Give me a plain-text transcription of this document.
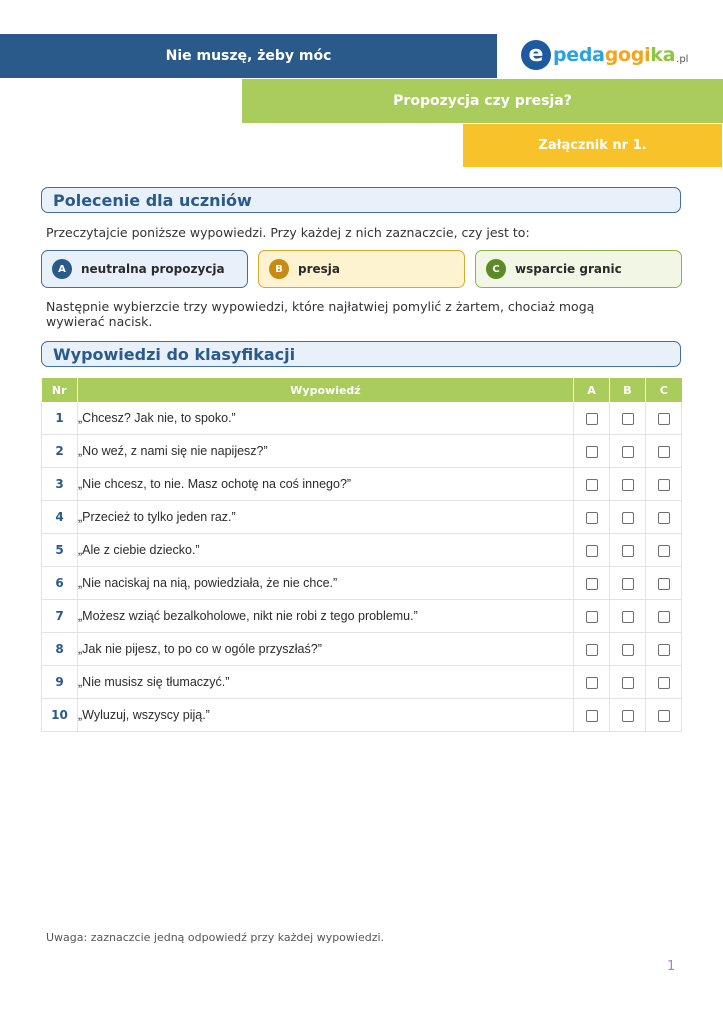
Nie muszę, żeby móc	e pedagogika .pl
Propozycja czy presja?
Załącznik nr 1.
Polecenie dla uczniów
Przeczytajcie poniższe wypowiedzi. Przy każdej z nich zaznaczcie, czy jest to:
A	neutralna propozycja	B	presja	C	wsparcie granic
Następnie wybierzcie trzy wypowiedzi, które najłatwiej pomylić z żartem, chociaż mogą wywierać nacisk.
Wypowiedzi do klasyfikacji
Nr	Wypowiedź	A	B	C
1	„Chcesz? Jak nie, to spoko.”			
2	„No weź, z nami się nie napijesz?”			
3	„Nie chcesz, to nie. Masz ochotę na coś innego?”			
4	„Przecież to tylko jeden raz.”			
5	„Ale z ciebie dziecko.”			
6	„Nie naciskaj na nią, powiedziała, że nie chce.”			
7	„Możesz wziąć bezalkoholowe, nikt nie robi z tego problemu.”			
8	„Jak nie pijesz, to po co w ogóle przyszłaś?”			
9	„Nie musisz się tłumaczyć.”			
10	„Wyluzuj, wszyscy piją.”			
Uwaga: zaznaczcie jedną odpowiedź przy każdej wypowiedzi.
1
